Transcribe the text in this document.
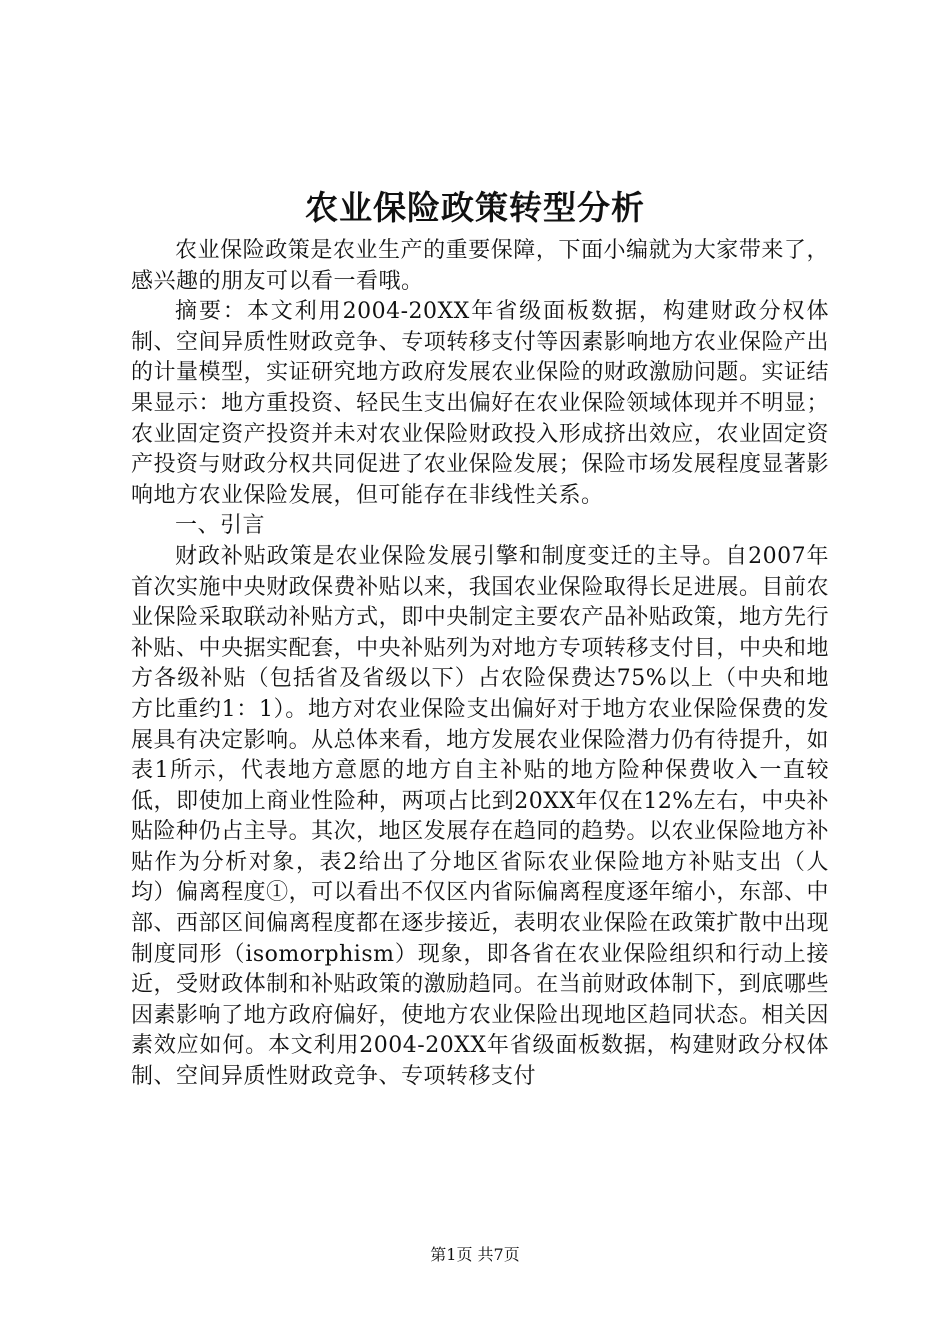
农业保险政策转型分析

农业保险政策是农业生产的重要保障，下面小编就为大家带来了，感兴趣的朋友可以看一看哦。

摘要：本文利用2004-20XX年省级面板数据，构建财政分权体制、空间异质性财政竞争、专项转移支付等因素影响地方农业保险产出的计量模型，实证研究地方政府发展农业保险的财政激励问题。实证结果显示：地方重投资、轻民生支出偏好在农业保险领域体现并不明显；农业固定资产投资并未对农业保险财政投入形成挤出效应，农业固定资产投资与财政分权共同促进了农业保险发展；保险市场发展程度显著影响地方农业保险发展，但可能存在非线性关系。

一、引言

财政补贴政策是农业保险发展引擎和制度变迁的主导。自2007年首次实施中央财政保费补贴以来，我国农业保险取得长足进展。目前农业保险采取联动补贴方式，即中央制定主要农产品补贴政策，地方先行补贴、中央据实配套，中央补贴列为对地方专项转移支付目，中央和地方各级补贴（包括省及省级以下）占农险保费达75%以上（中央和地方比重约1：1）。地方对农业保险支出偏好对于地方农业保险保费的发展具有决定影响。从总体来看，地方发展农业保险潜力仍有待提升，如表1所示，代表地方意愿的地方自主补贴的地方险种保费收入一直较低，即使加上商业性险种，两项占比到20XX年仅在12%左右，中央补贴险种仍占主导。其次，地区发展存在趋同的趋势。以农业保险地方补贴作为分析对象，表2给出了分地区省际农业保险地方补贴支出（人均）偏离程度①，可以看出不仅区内省际偏离程度逐年缩小，东部、中部、西部区间偏离程度都在逐步接近，表明农业保险在政策扩散中出现制度同形（isomorphism）现象，即各省在农业保险组织和行动上接近，受财政体制和补贴政策的激励趋同。在当前财政体制下，到底哪些因素影响了地方政府偏好，使地方农业保险出现地区趋同状态。相关因素效应如何。本文利用2004-20XX年省级面板数据，构建财政分权体制、空间异质性财政竞争、专项转移支付

第1页 共7页
